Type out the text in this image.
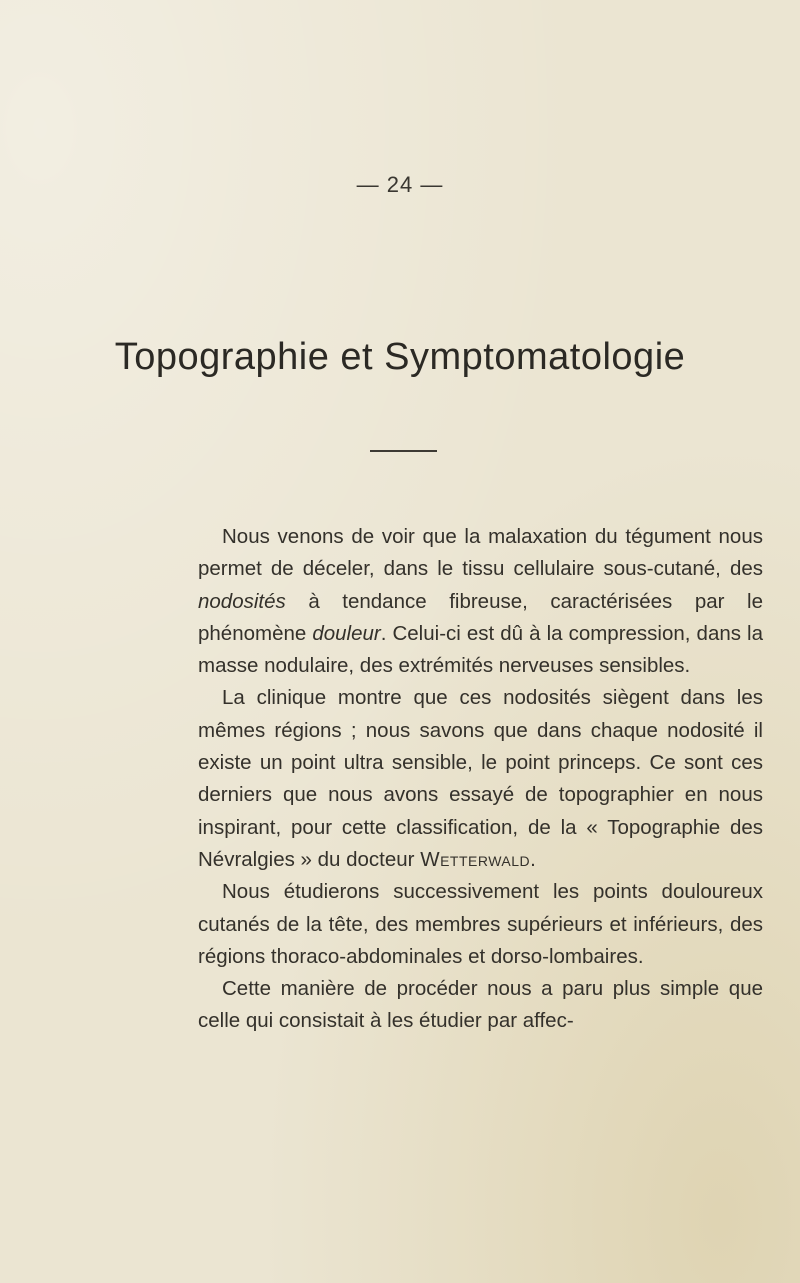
— 24 —
Topographie et Symptomatologie

Nous venons de voir que la malaxation du tégument nous permet de déceler, dans le tissu cellulaire sous-cutané, des nodosités à tendance fibreuse, caractérisées par le phénomène douleur. Celui-ci est dû à la compression, dans la masse nodulaire, des extrémités nerveuses sensibles.

La clinique montre que ces nodosités siègent dans les mêmes régions ; nous savons que dans chaque nodosité il existe un point ultra sensible, le point princeps. Ce sont ces derniers que nous avons essayé de topographier en nous inspirant, pour cette classification, de la « Topographie des Névralgies » du docteur Wetterwald.

Nous étudierons successivement les points douloureux cutanés de la tête, des membres supérieurs et inférieurs, des régions thoraco-abdominales et dorso-lombaires.

Cette manière de procéder nous a paru plus simple que celle qui consistait à les étudier par affec-
